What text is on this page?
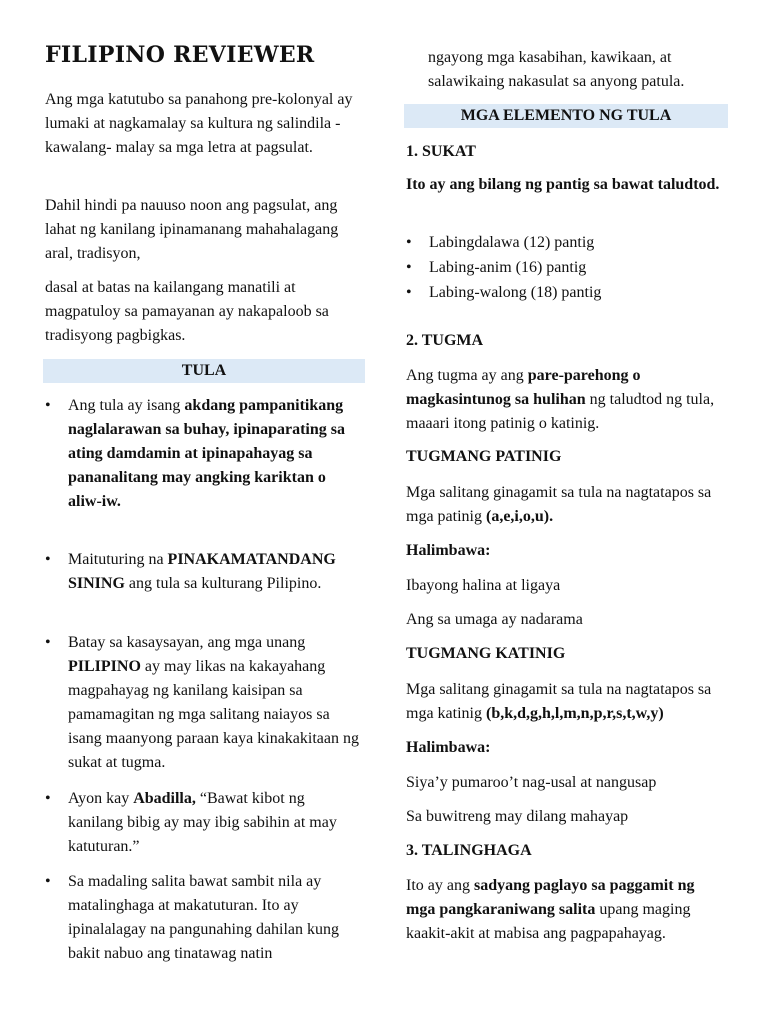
FILIPINO REVIEWER

Ang mga katutubo sa panahong pre-kolonyal ay lumaki at nagkamalay sa kultura ng salindila - kawalang- malay sa mga letra at pagsulat.

Dahil hindi pa nauuso noon ang pagsulat, ang lahat ng kanilang ipinamanang mahahalagang aral, tradisyon,

dasal at batas na kailangang manatili at magpatuloy sa pamayanan ay nakapaloob sa tradisyong pagbigkas.

TULA
• Ang tula ay isang akdang pampanitikang naglalarawan sa buhay, ipinaparating sa ating damdamin at ipinapahayag sa pananalitang may angking kariktan o aliw-iw.
• Maituturing na PINAKAMATANDANG SINING ang tula sa kulturang Pilipino.
• Batay sa kasaysayan, ang mga unang PILIPINO ay may likas na kakayahang magpahayag ng kanilang kaisipan sa pamamagitan ng mga salitang naiayos sa isang maanyong paraan kaya kinakakitaan ng sukat at tugma.
• Ayon kay Abadilla, “Bawat kibot ng kanilang bibig ay may ibig sabihin at may katuturan.”
• Sa madaling salita bawat sambit nila ay matalinghaga at makatuturan. Ito ay ipinalalagay na pangunahing dahilan kung bakit nabuo ang tinatawag natin

ngayong mga kasabihan, kawikaan, at salawikaing nakasulat sa anyong patula.

MGA ELEMENTO NG TULA

1. SUKAT

Ito ay ang bilang ng pantig sa bawat taludtod.

• Labingdalawa (12) pantig
• Labing-anim (16) pantig
• Labing-walong (18) pantig

2. TUGMA

Ang tugma ay ang pare-parehong o magkasintunog sa hulihan ng taludtod ng tula, maaari itong patinig o katinig.

TUGMANG PATINIG

Mga salitang ginagamit sa tula na nagtatapos sa mga patinig (a,e,i,o,u).

Halimbawa:

Ibayong halina at ligaya

Ang sa umaga ay nadarama

TUGMANG KATINIG

Mga salitang ginagamit sa tula na nagtatapos sa mga katinig (b,k,d,g,h,l,m,n,p,r,s,t,w,y)

Halimbawa:

Siya’y pumaroo’t nag-usal at nangusap

Sa buwitreng may dilang mahayap

3. TALINGHAGA

Ito ay ang sadyang paglayo sa paggamit ng mga pangkaraniwang salita upang maging kaakit-akit at mabisa ang pagpapahayag.
